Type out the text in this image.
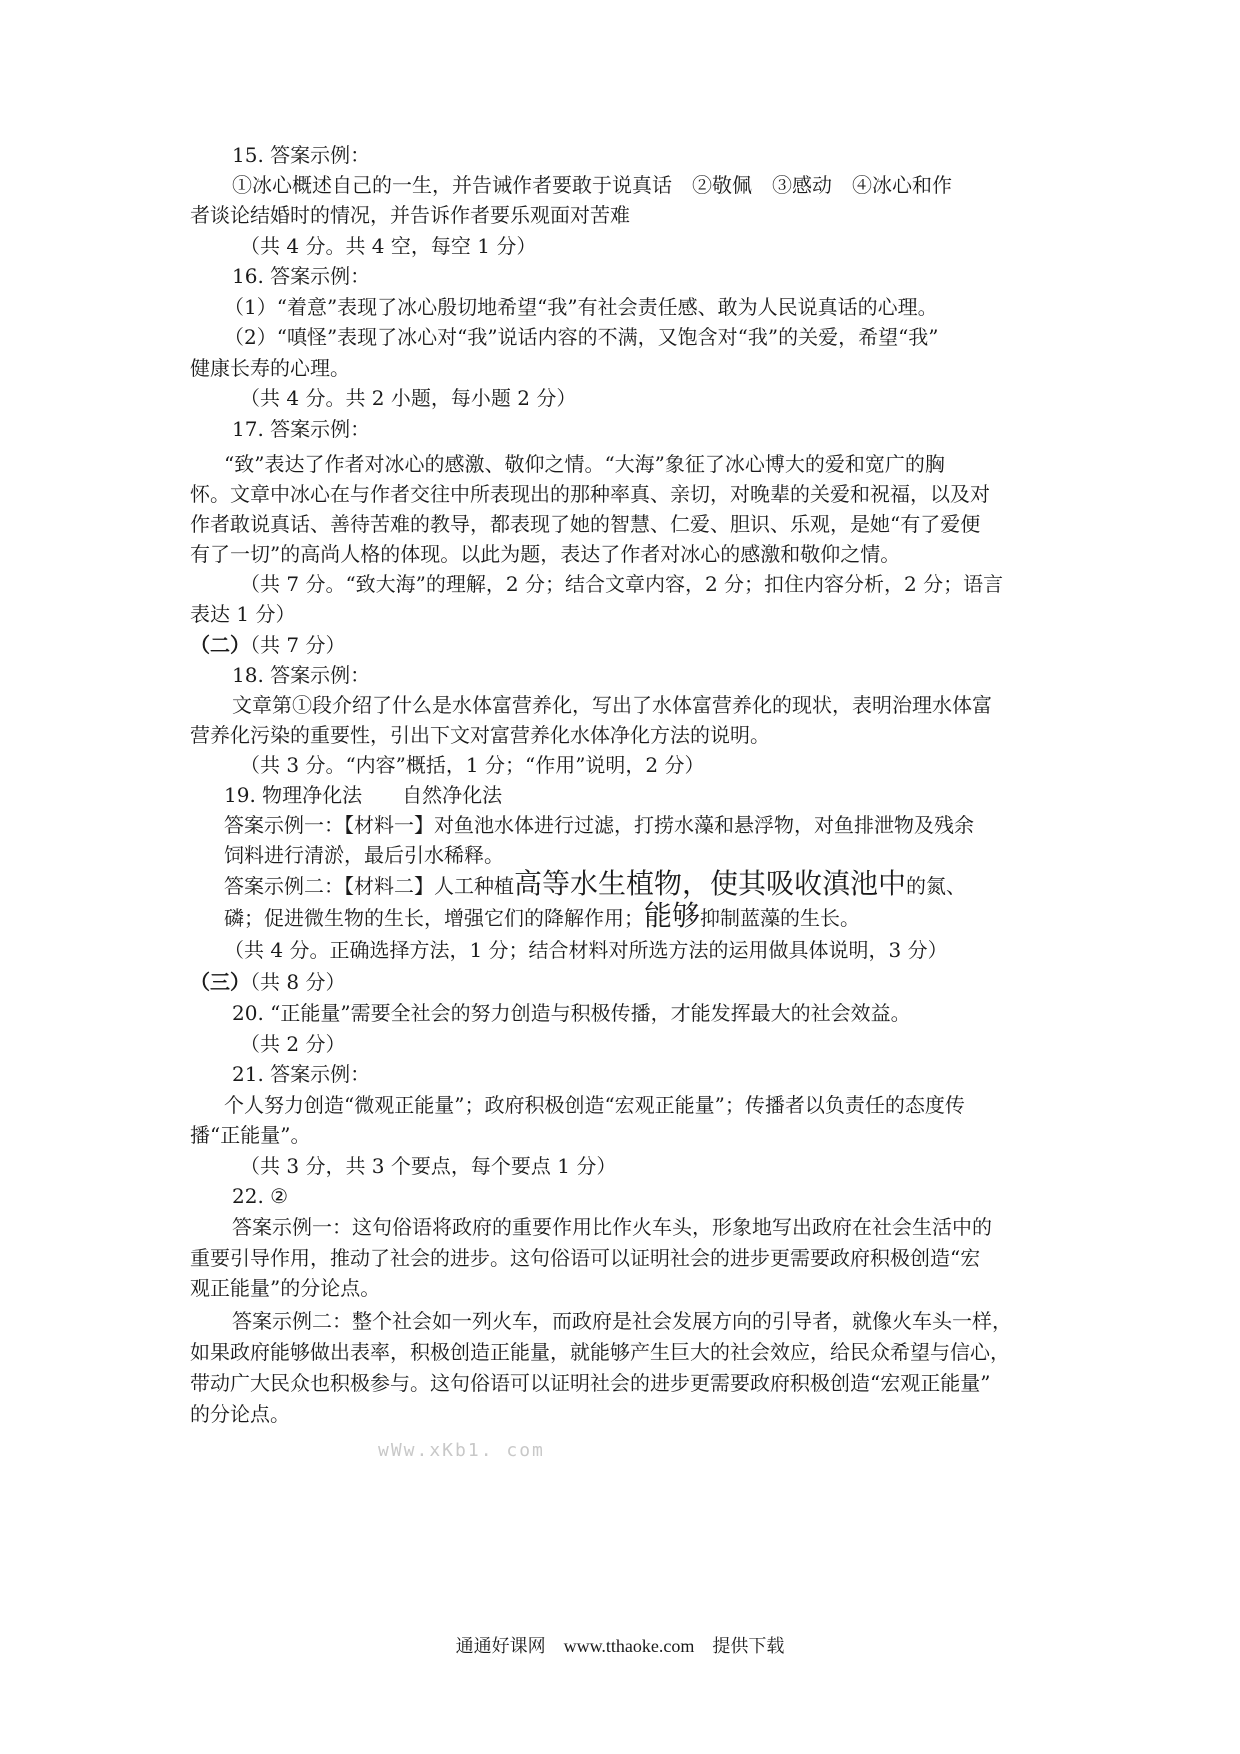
15. 答案示例：
①冰心概述自己的一生，并告诫作者要敢于说真话　②敬佩　③感动　④冰心和作
者谈论结婚时的情况，并告诉作者要乐观面对苦难
（共 4 分。共 4 空，每空 1 分）
16. 答案示例：
（1）“着意”表现了冰心殷切地希望“我”有社会责任感、敢为人民说真话的心理。
（2）“嗔怪”表现了冰心对“我”说话内容的不满，又饱含对“我”的关爱，希望“我”
健康长寿的心理。
（共 4 分。共 2 小题，每小题 2 分）
17. 答案示例：
“致”表达了作者对冰心的感激、敬仰之情。“大海”象征了冰心博大的爱和宽广的胸
怀。文章中冰心在与作者交往中所表现出的那种率真、亲切，对晚辈的关爱和祝福，以及对
作者敢说真话、善待苦难的教导，都表现了她的智慧、仁爱、胆识、乐观，是她“有了爱便
有了一切”的高尚人格的体现。以此为题，表达了作者对冰心的感激和敬仰之情。
（共 7 分。“致大海”的理解，2 分；结合文章内容，2 分；扣住内容分析，2 分；语言
表达 1 分）
（二）（共 7 分）
18. 答案示例：
文章第①段介绍了什么是水体富营养化，写出了水体富营养化的现状，表明治理水体富
营养化污染的重要性，引出下文对富营养化水体净化方法的说明。
（共 3 分。“内容”概括，1 分；“作用”说明，2 分）
19. 物理净化法　　自然净化法
答案示例一：【材料一】对鱼池水体进行过滤，打捞水藻和悬浮物，对鱼排泄物及残余
饲料进行清淤，最后引水稀释。
答案示例二：【材料二】人工种植高等水生植物，使其吸收滇池中的氮、
磷；促进微生物的生长，增强它们的降解作用；能够抑制蓝藻的生长。
（共 4 分。正确选择方法，1 分；结合材料对所选方法的运用做具体说明，3 分）
（三）（共 8 分）
20. “正能量”需要全社会的努力创造与积极传播，才能发挥最大的社会效益。
（共 2 分）
21. 答案示例：
个人努力创造“微观正能量”；政府积极创造“宏观正能量”；传播者以负责任的态度传
播“正能量”。
（共 3 分，共 3 个要点，每个要点 1 分）
22. ②
答案示例一：这句俗语将政府的重要作用比作火车头，形象地写出政府在社会生活中的
重要引导作用，推动了社会的进步。这句俗语可以证明社会的进步更需要政府积极创造“宏
观正能量”的分论点。
wWw.xKb1. com
答案示例二：整个社会如一列火车，而政府是社会发展方向的引导者，就像火车头一样，
如果政府能够做出表率，积极创造正能量，就能够产生巨大的社会效应，给民众希望与信心，
带动广大民众也积极参与。这句俗语可以证明社会的进步更需要政府积极创造“宏观正能量”
的分论点。
通通好课网　www.tthaoke.com　提供下载
